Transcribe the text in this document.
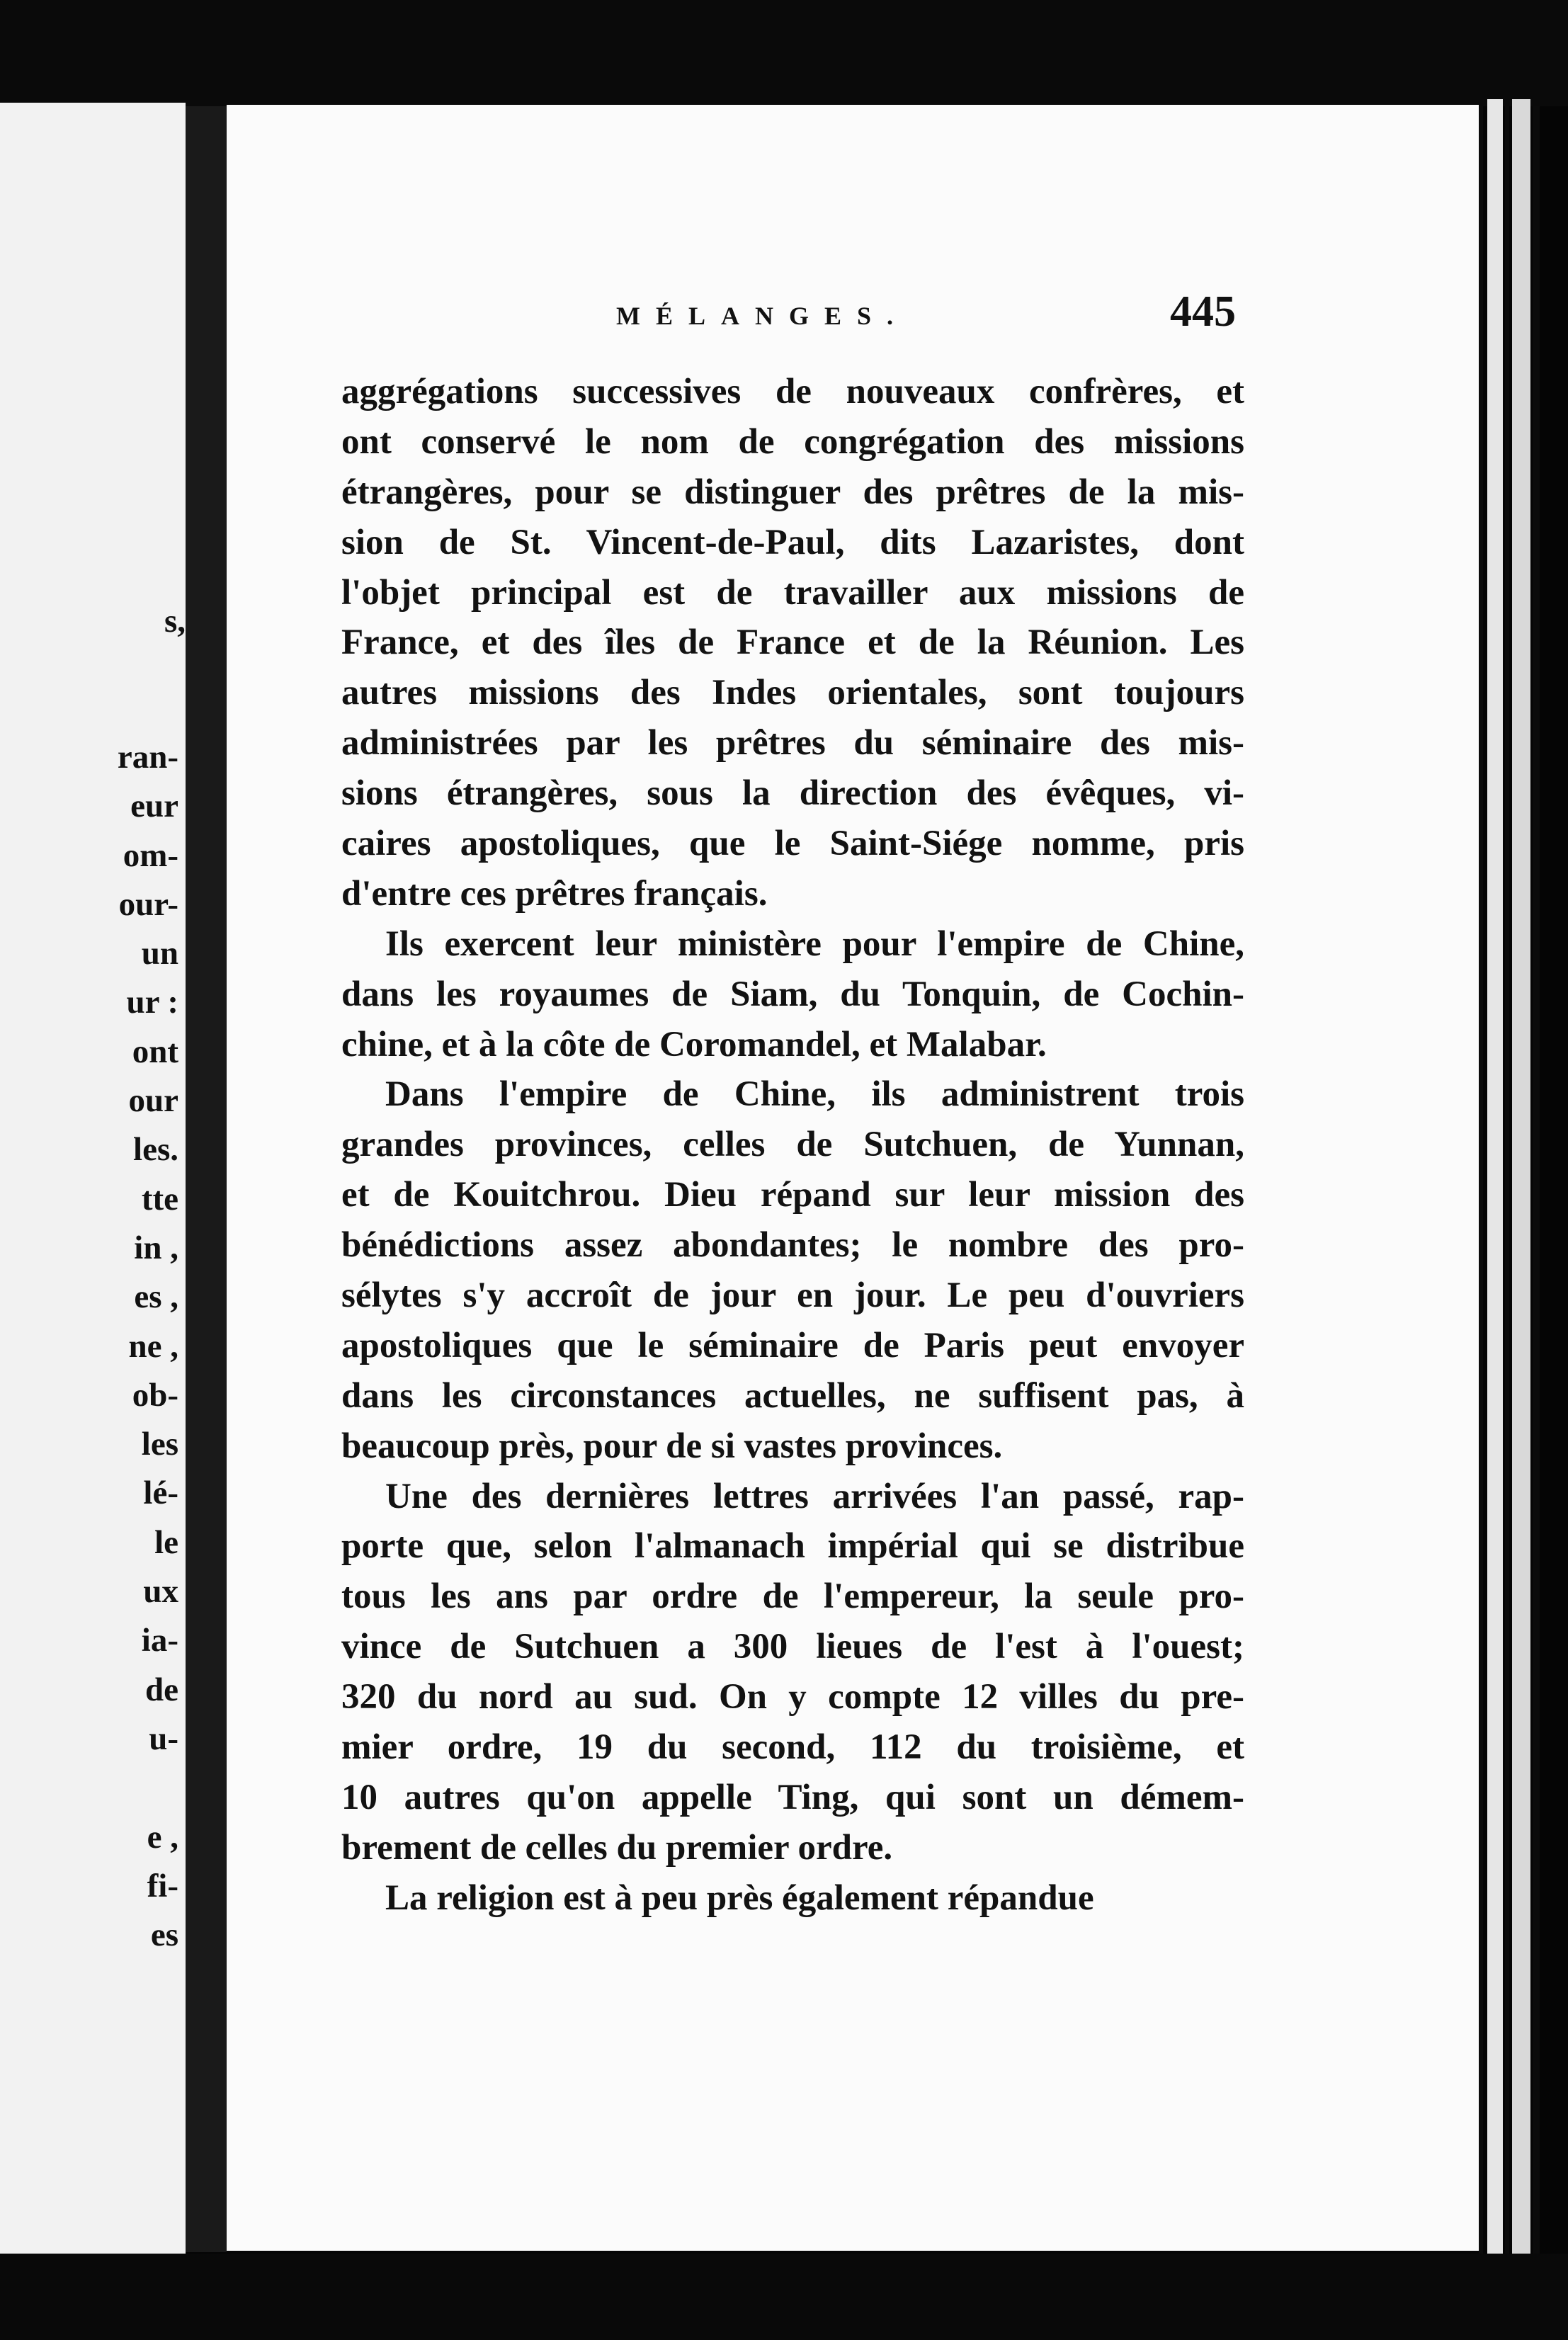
s,
ran-
eur
om-
our-
un
ur :
ont
our
les.
tte
in ,
es ,
ne ,
ob-
les
lé-
le
ux
ia-
de
u-
e ,
fi-
es
MÉLANGES.	445
aggrégations successives de nouveaux confrères, et
ont conservé le nom de congrégation des missions
étrangères, pour se distinguer des prêtres de la mis-
sion de St. Vincent-de-Paul, dits Lazaristes, dont
l'objet principal est de travailler aux missions de
France, et des îles de France et de la Réunion. Les
autres missions des Indes orientales, sont toujours
administrées par les prêtres du séminaire des mis-
sions étrangères, sous la direction des évêques, vi-
caires apostoliques, que le Saint-Siége nomme, pris
d'entre ces prêtres français.
Ils exercent leur ministère pour l'empire de Chine,
dans les royaumes de Siam, du Tonquin, de Cochin-
chine, et à la côte de Coromandel, et Malabar.
Dans l'empire de Chine, ils administrent trois
grandes provinces, celles de Sutchuen, de Yunnan,
et de Kouitchrou. Dieu répand sur leur mission des
bénédictions assez abondantes; le nombre des pro-
sélytes s'y accroît de jour en jour. Le peu d'ouvriers
apostoliques que le séminaire de Paris peut envoyer
dans les circonstances actuelles, ne suffisent pas, à
beaucoup près, pour de si vastes provinces.
Une des dernières lettres arrivées l'an passé, rap-
porte que, selon l'almanach impérial qui se distribue
tous les ans par ordre de l'empereur, la seule pro-
vince de Sutchuen a 300 lieues de l'est à l'ouest;
320 du nord au sud. On y compte 12 villes du pre-
mier ordre, 19 du second, 112 du troisième, et
10 autres qu'on appelle Ting, qui sont un démem-
brement de celles du premier ordre.
La religion est à peu près également répandue
